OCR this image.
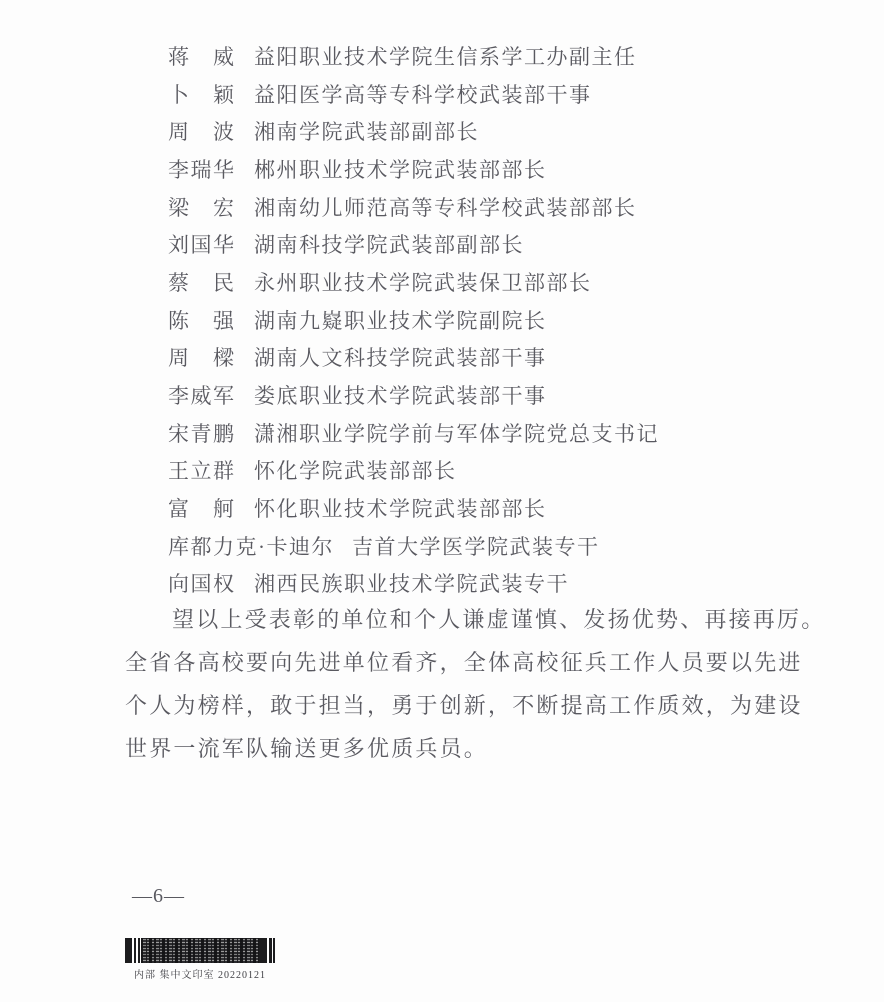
蒋　威 益阳职业技术学院生信系学工办副主任
卜　颖 益阳医学高等专科学校武装部干事
周　波 湘南学院武装部副部长
李瑞华 郴州职业技术学院武装部部长
梁　宏 湘南幼儿师范高等专科学校武装部部长
刘国华 湖南科技学院武装部副部长
蔡　民 永州职业技术学院武装保卫部部长
陈　强 湖南九嶷职业技术学院副院长
周　樑 湖南人文科技学院武装部干事
李威军 娄底职业技术学院武装部干事
宋青鹏 潇湘职业学院学前与军体学院党总支书记
王立群 怀化学院武装部部长
富　舸 怀化职业技术学院武装部部长
库都力克·卡迪尔 吉首大学医学院武装专干
向国权 湘西民族职业技术学院武装专干
望以上受表彰的单位和个人谦虚谨慎、发扬优势、再接再厉。
全省各高校要向先进单位看齐，全体高校征兵工作人员要以先进
个人为榜样，敢于担当，勇于创新，不断提高工作质效，为建设
世界一流军队输送更多优质兵员。
—6—
内部 集中文印室 20220121
